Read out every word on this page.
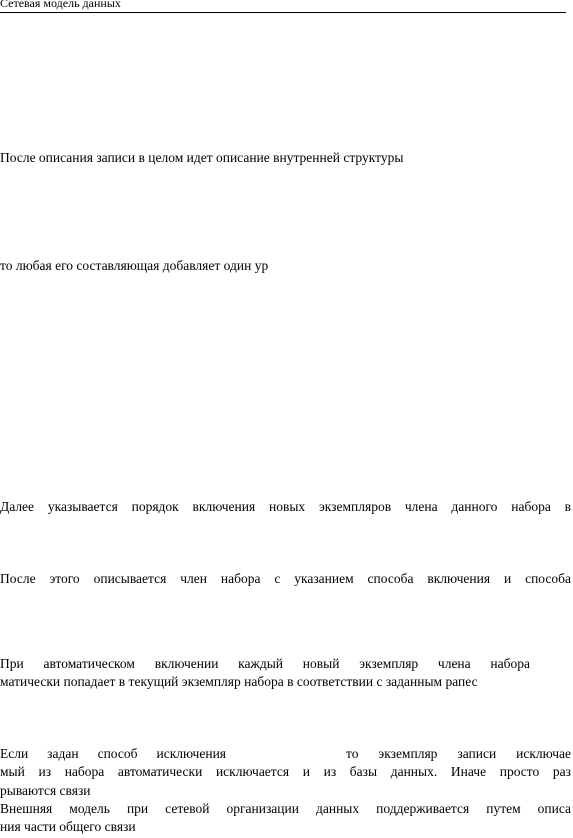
Сетевая модель данных
После описания записи в целом идет описание внутренней структуры
то любая его составляющая добавляет один ур
Далее указывается порядок включения новых экземпляров члена данного набора в
После этого описывается член набора с указанием способа включения и способа
При автоматическом включении каждый новый экземпляр члена набора
матически попадает в текущий экземпляр набора в соответствии с заданным рапес
Если задан способ исключения	то экземпляр записи исключае
мый из набора автоматически исключается и из базы данных. Иначе просто раз
рываются связи
Внешняя модель при сетевой организации данных поддерживается путем описа
ния части общего связи
